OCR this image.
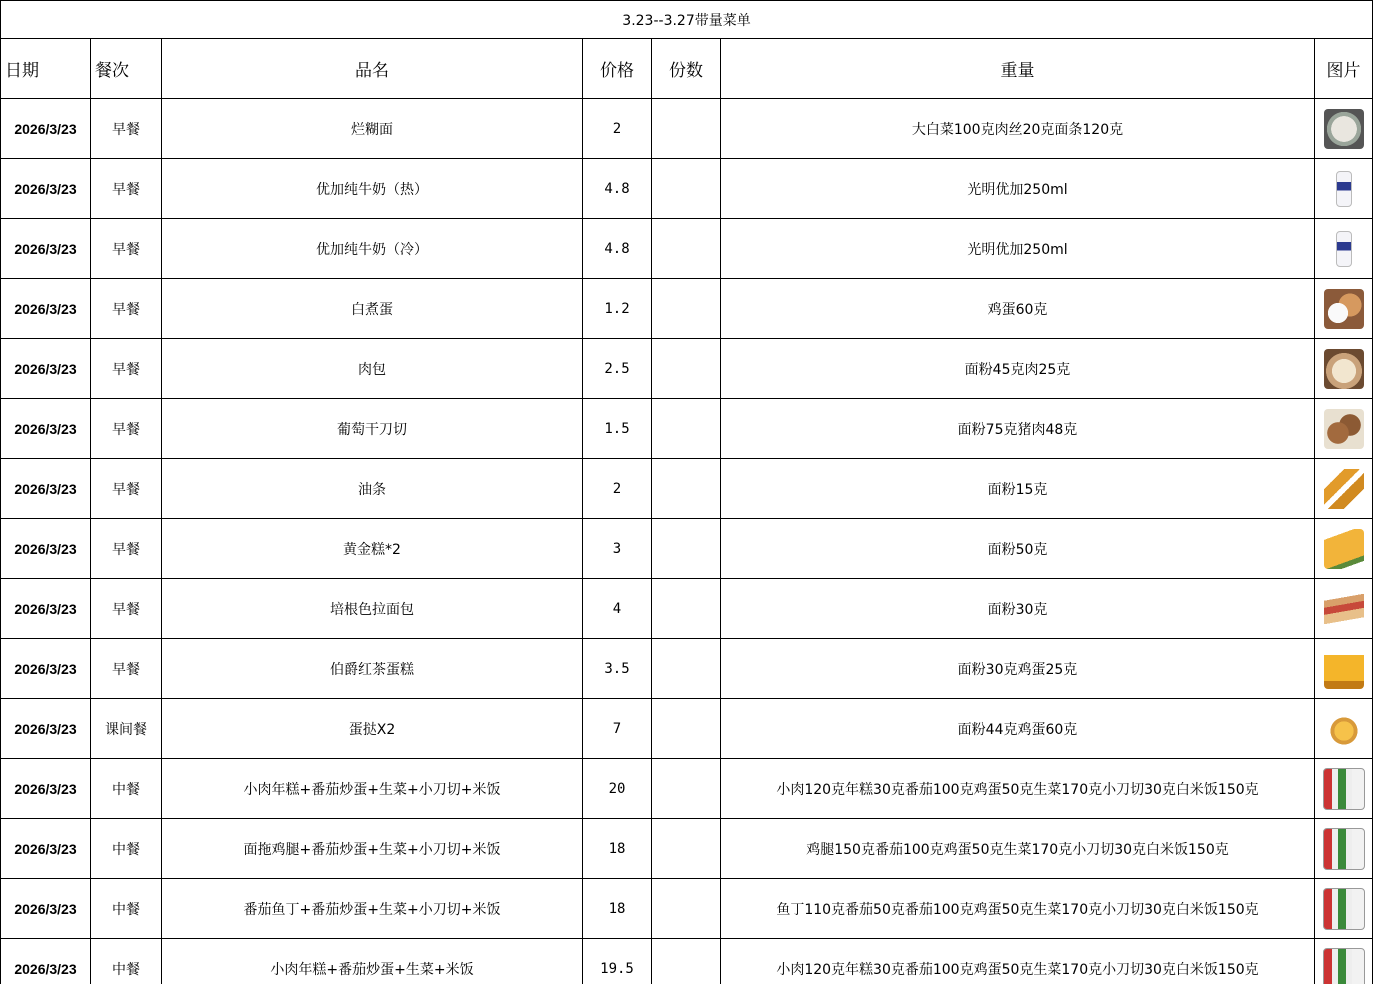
3.23--3.27带量菜单						
日期	餐次	品名	价格	份数	重量	图片
2026/3/23	早餐	烂糊面	2		大白菜100克肉丝20克面条120克	
2026/3/23	早餐	优加纯牛奶（热）	4.8		光明优加250ml	
2026/3/23	早餐	优加纯牛奶（冷）	4.8		光明优加250ml	
2026/3/23	早餐	白煮蛋	1.2		鸡蛋60克	
2026/3/23	早餐	肉包	2.5		面粉45克肉25克	
2026/3/23	早餐	葡萄干刀切	1.5		面粉75克猪肉48克	
2026/3/23	早餐	油条	2		面粉15克	
2026/3/23	早餐	黄金糕*2	3		面粉50克	
2026/3/23	早餐	培根色拉面包	4		面粉30克	
2026/3/23	早餐	伯爵红茶蛋糕	3.5		面粉30克鸡蛋25克	
2026/3/23	课间餐	蛋挞X2	7		面粉44克鸡蛋60克	
2026/3/23	中餐	小肉年糕+番茄炒蛋+生菜+小刀切+米饭	20		小肉120克年糕30克番茄100克鸡蛋50克生菜170克小刀切30克白米饭150克	
2026/3/23	中餐	面拖鸡腿+番茄炒蛋+生菜+小刀切+米饭	18		鸡腿150克番茄100克鸡蛋50克生菜170克小刀切30克白米饭150克	
2026/3/23	中餐	番茄鱼丁+番茄炒蛋+生菜+小刀切+米饭	18		鱼丁110克番茄50克番茄100克鸡蛋50克生菜170克小刀切30克白米饭150克	
2026/3/23	中餐	小肉年糕+番茄炒蛋+生菜+米饭	19.5		小肉120克年糕30克番茄100克鸡蛋50克生菜170克小刀切30克白米饭150克	
